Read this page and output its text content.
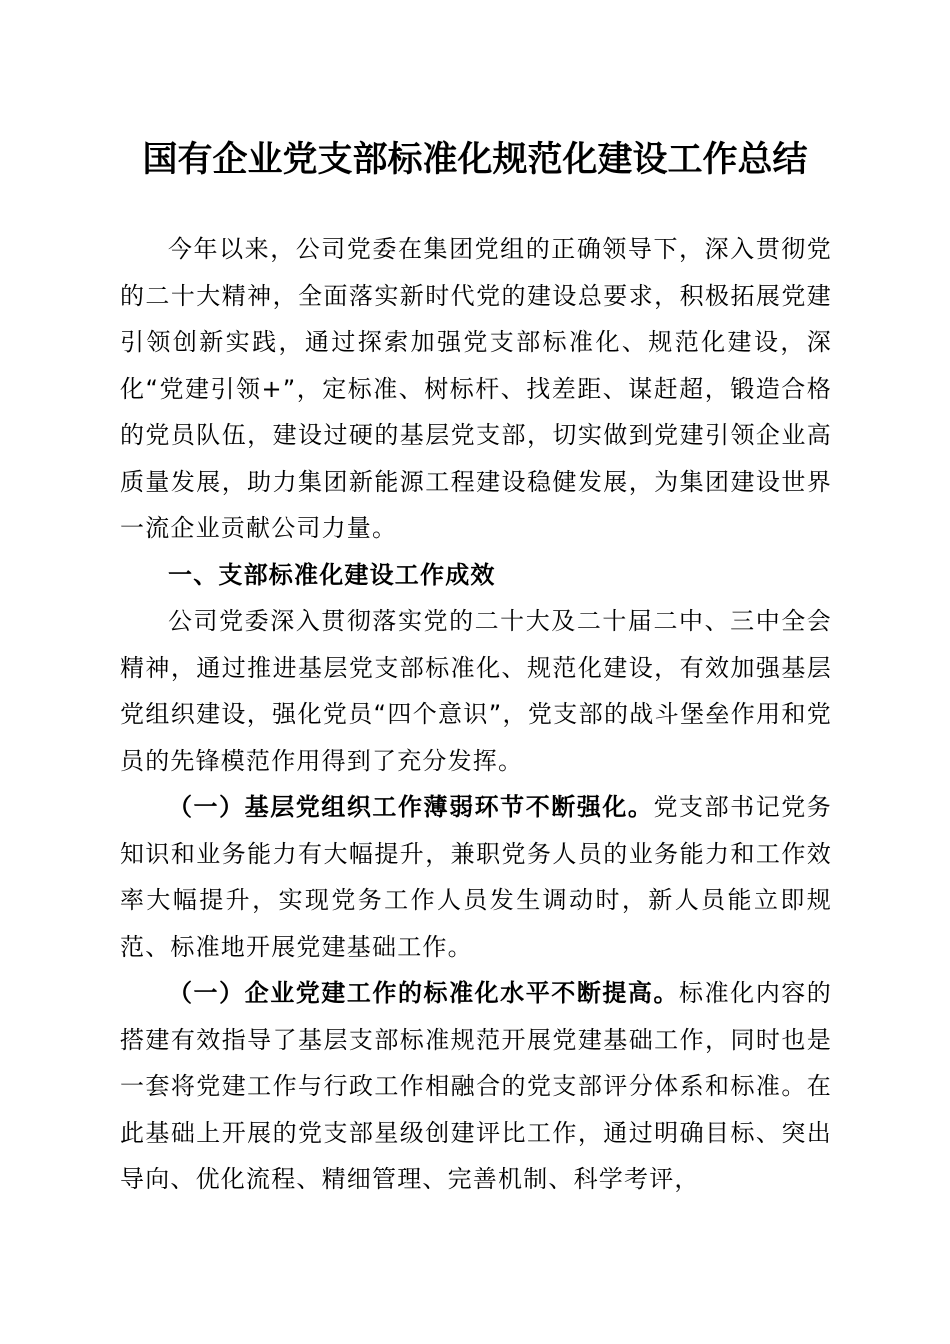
国有企业党支部标准化规范化建设工作总结

今年以来，公司党委在集团党组的正确领导下，深入贯彻党的二十大精神，全面落实新时代党的建设总要求，积极拓展党建引领创新实践，通过探索加强党支部标准化、规范化建设，深化“党建引领+”，定标准、树标杆、找差距、谋赶超，锻造合格的党员队伍，建设过硬的基层党支部，切实做到党建引领企业高质量发展，助力集团新能源工程建设稳健发展，为集团建设世界一流企业贡献公司力量。

一、支部标准化建设工作成效

公司党委深入贯彻落实党的二十大及二十届二中、三中全会精神，通过推进基层党支部标准化、规范化建设，有效加强基层党组织建设，强化党员“四个意识”，党支部的战斗堡垒作用和党员的先锋模范作用得到了充分发挥。

（一）基层党组织工作薄弱环节不断强化。党支部书记党务知识和业务能力有大幅提升，兼职党务人员的业务能力和工作效率大幅提升，实现党务工作人员发生调动时，新人员能立即规范、标准地开展党建基础工作。

（一）企业党建工作的标准化水平不断提高。标准化内容的搭建有效指导了基层支部标准规范开展党建基础工作，同时也是一套将党建工作与行政工作相融合的党支部评分体系和标准。在此基础上开展的党支部星级创建评比工作，通过明确目标、突出导向、优化流程、精细管理、完善机制、科学考评，
